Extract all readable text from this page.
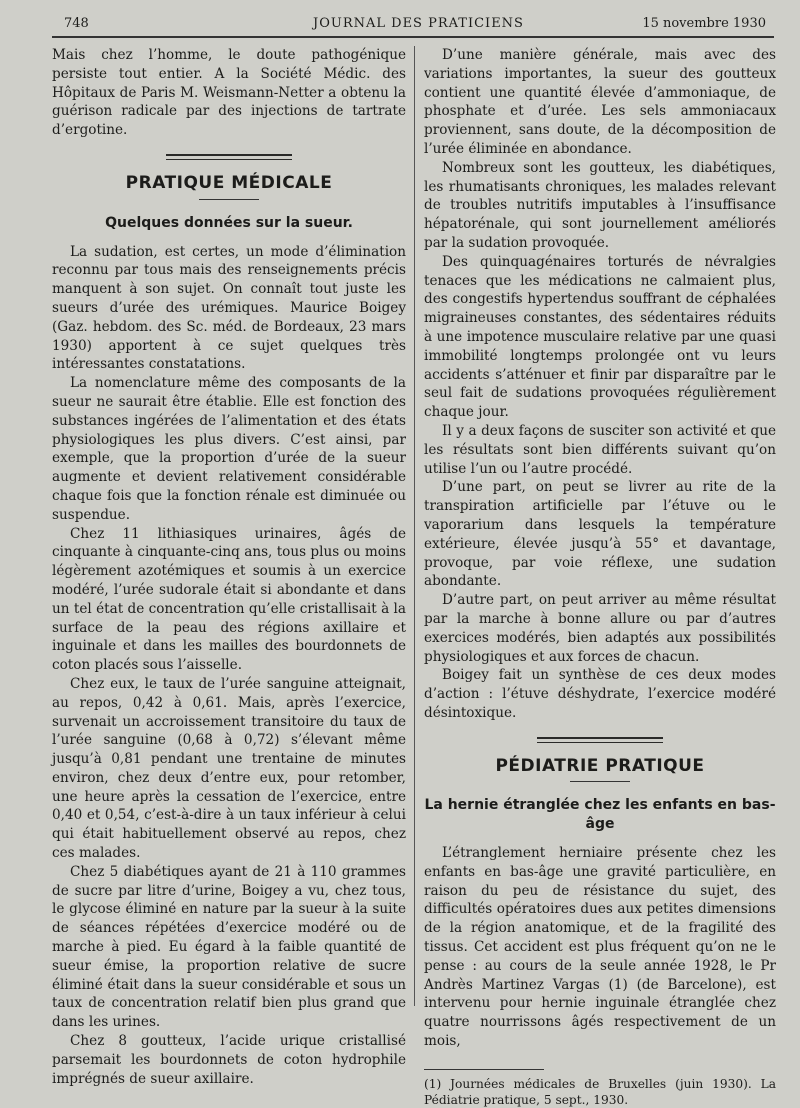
748	JOURNAL DES PRATICIENS	15 novembre 1930

Mais chez l’homme, le doute pathogénique persiste tout entier. A la Société Médic. des Hôpitaux de Paris M. Weismann-Netter a obtenu la guérison radicale par des injections de tartrate d’ergotine.

PRATIQUE MÉDICALE
Quelques données sur la sueur.

La sudation, est certes, un mode d’élimination reconnu par tous mais des renseignements précis manquent à son sujet. On connaît tout juste les sueurs d’urée des urémiques. Maurice Boigey (Gaz. hebdom. des Sc. méd. de Bordeaux, 23 mars 1930) apportent à ce sujet quelques très intéressantes constatations.

La nomenclature même des composants de la sueur ne saurait être établie. Elle est fonction des substances ingérées de l’alimentation et des états physiologiques les plus divers. C’est ainsi, par exemple, que la proportion d’urée de la sueur augmente et devient relativement considérable chaque fois que la fonction rénale est diminuée ou suspendue.

Chez 11 lithiasiques urinaires, âgés de cinquante à cinquante-cinq ans, tous plus ou moins légèrement azotémiques et soumis à un exercice modéré, l’urée sudorale était si abondante et dans un tel état de concentration qu’elle cristallisait à la surface de la peau des régions axillaire et inguinale et dans les mailles des bourdonnets de coton placés sous l’aisselle.

Chez eux, le taux de l’urée sanguine atteignait, au repos, 0,42 à 0,61. Mais, après l’exercice, survenait un accroissement transitoire du taux de l’urée sanguine (0,68 à 0,72) s’élevant même jusqu’à 0,81 pendant une trentaine de minutes environ, chez deux d’entre eux, pour retomber, une heure après la cessation de l’exercice, entre 0,40 et 0,54, c’est-à-dire à un taux inférieur à celui qui était habituellement observé au repos, chez ces malades.

Chez 5 diabétiques ayant de 21 à 110 grammes de sucre par litre d’urine, Boigey a vu, chez tous, le glycose éliminé en nature par la sueur à la suite de séances répétées d’exercice modéré ou de marche à pied. Eu égard à la faible quantité de sueur émise, la proportion relative de sucre éliminé était dans la sueur considérable et sous un taux de concentration relatif bien plus grand que dans les urines.

Chez 8 goutteux, l’acide urique cristallisé parsemait les bourdonnets de coton hydrophile imprégnés de sueur axillaire.

D’une manière générale, mais avec des variations importantes, la sueur des goutteux contient une quantité élevée d’ammoniaque, de phosphate et d’urée. Les sels ammoniacaux proviennent, sans doute, de la décomposition de l’urée éliminée en abondance.

Nombreux sont les goutteux, les diabétiques, les rhumatisants chroniques, les malades relevant de troubles nutritifs imputables à l’insuffisance hépatorénale, qui sont journellement améliorés par la sudation provoquée.

Des quinquagénaires torturés de névralgies tenaces que les médications ne calmaient plus, des congestifs hypertendus souffrant de céphalées migraineuses constantes, des sédentaires réduits à une impotence musculaire relative par une quasi immobilité longtemps prolongée ont vu leurs accidents s’atténuer et finir par disparaître par le seul fait de sudations provoquées régulièrement chaque jour.

Il y a deux façons de susciter son activité et que les résultats sont bien différents suivant qu’on utilise l’un ou l’autre procédé.

D’une part, on peut se livrer au rite de la transpiration artificielle par l’étuve ou le vaporarium dans lesquels la température extérieure, élevée jusqu’à 55° et davantage, provoque, par voie réflexe, une sudation abondante.

D’autre part, on peut arriver au même résultat par la marche à bonne allure ou par d’autres exercices modérés, bien adaptés aux possibilités physiologiques et aux forces de chacun.

Boigey fait un synthèse de ces deux modes d’action : l’étuve déshydrate, l’exercice modéré désintoxique.

PÉDIATRIE PRATIQUE
La hernie étranglée chez les enfants en bas-âge

L’étranglement herniaire présente chez les enfants en bas-âge une gravité particulière, en raison du peu de résistance du sujet, des difficultés opératoires dues aux petites dimensions de la région anatomique, et de la fragilité des tissus. Cet accident est plus fréquent qu’on ne le pense : au cours de la seule année 1928, le Pr Andrès Martinez Vargas (1) (de Barcelone), est intervenu pour hernie inguinale étranglée chez quatre nourrissons âgés respectivement de un mois,

(1) Journées médicales de Bruxelles (juin 1930). La Pédiatrie pratique, 5 sept., 1930.
